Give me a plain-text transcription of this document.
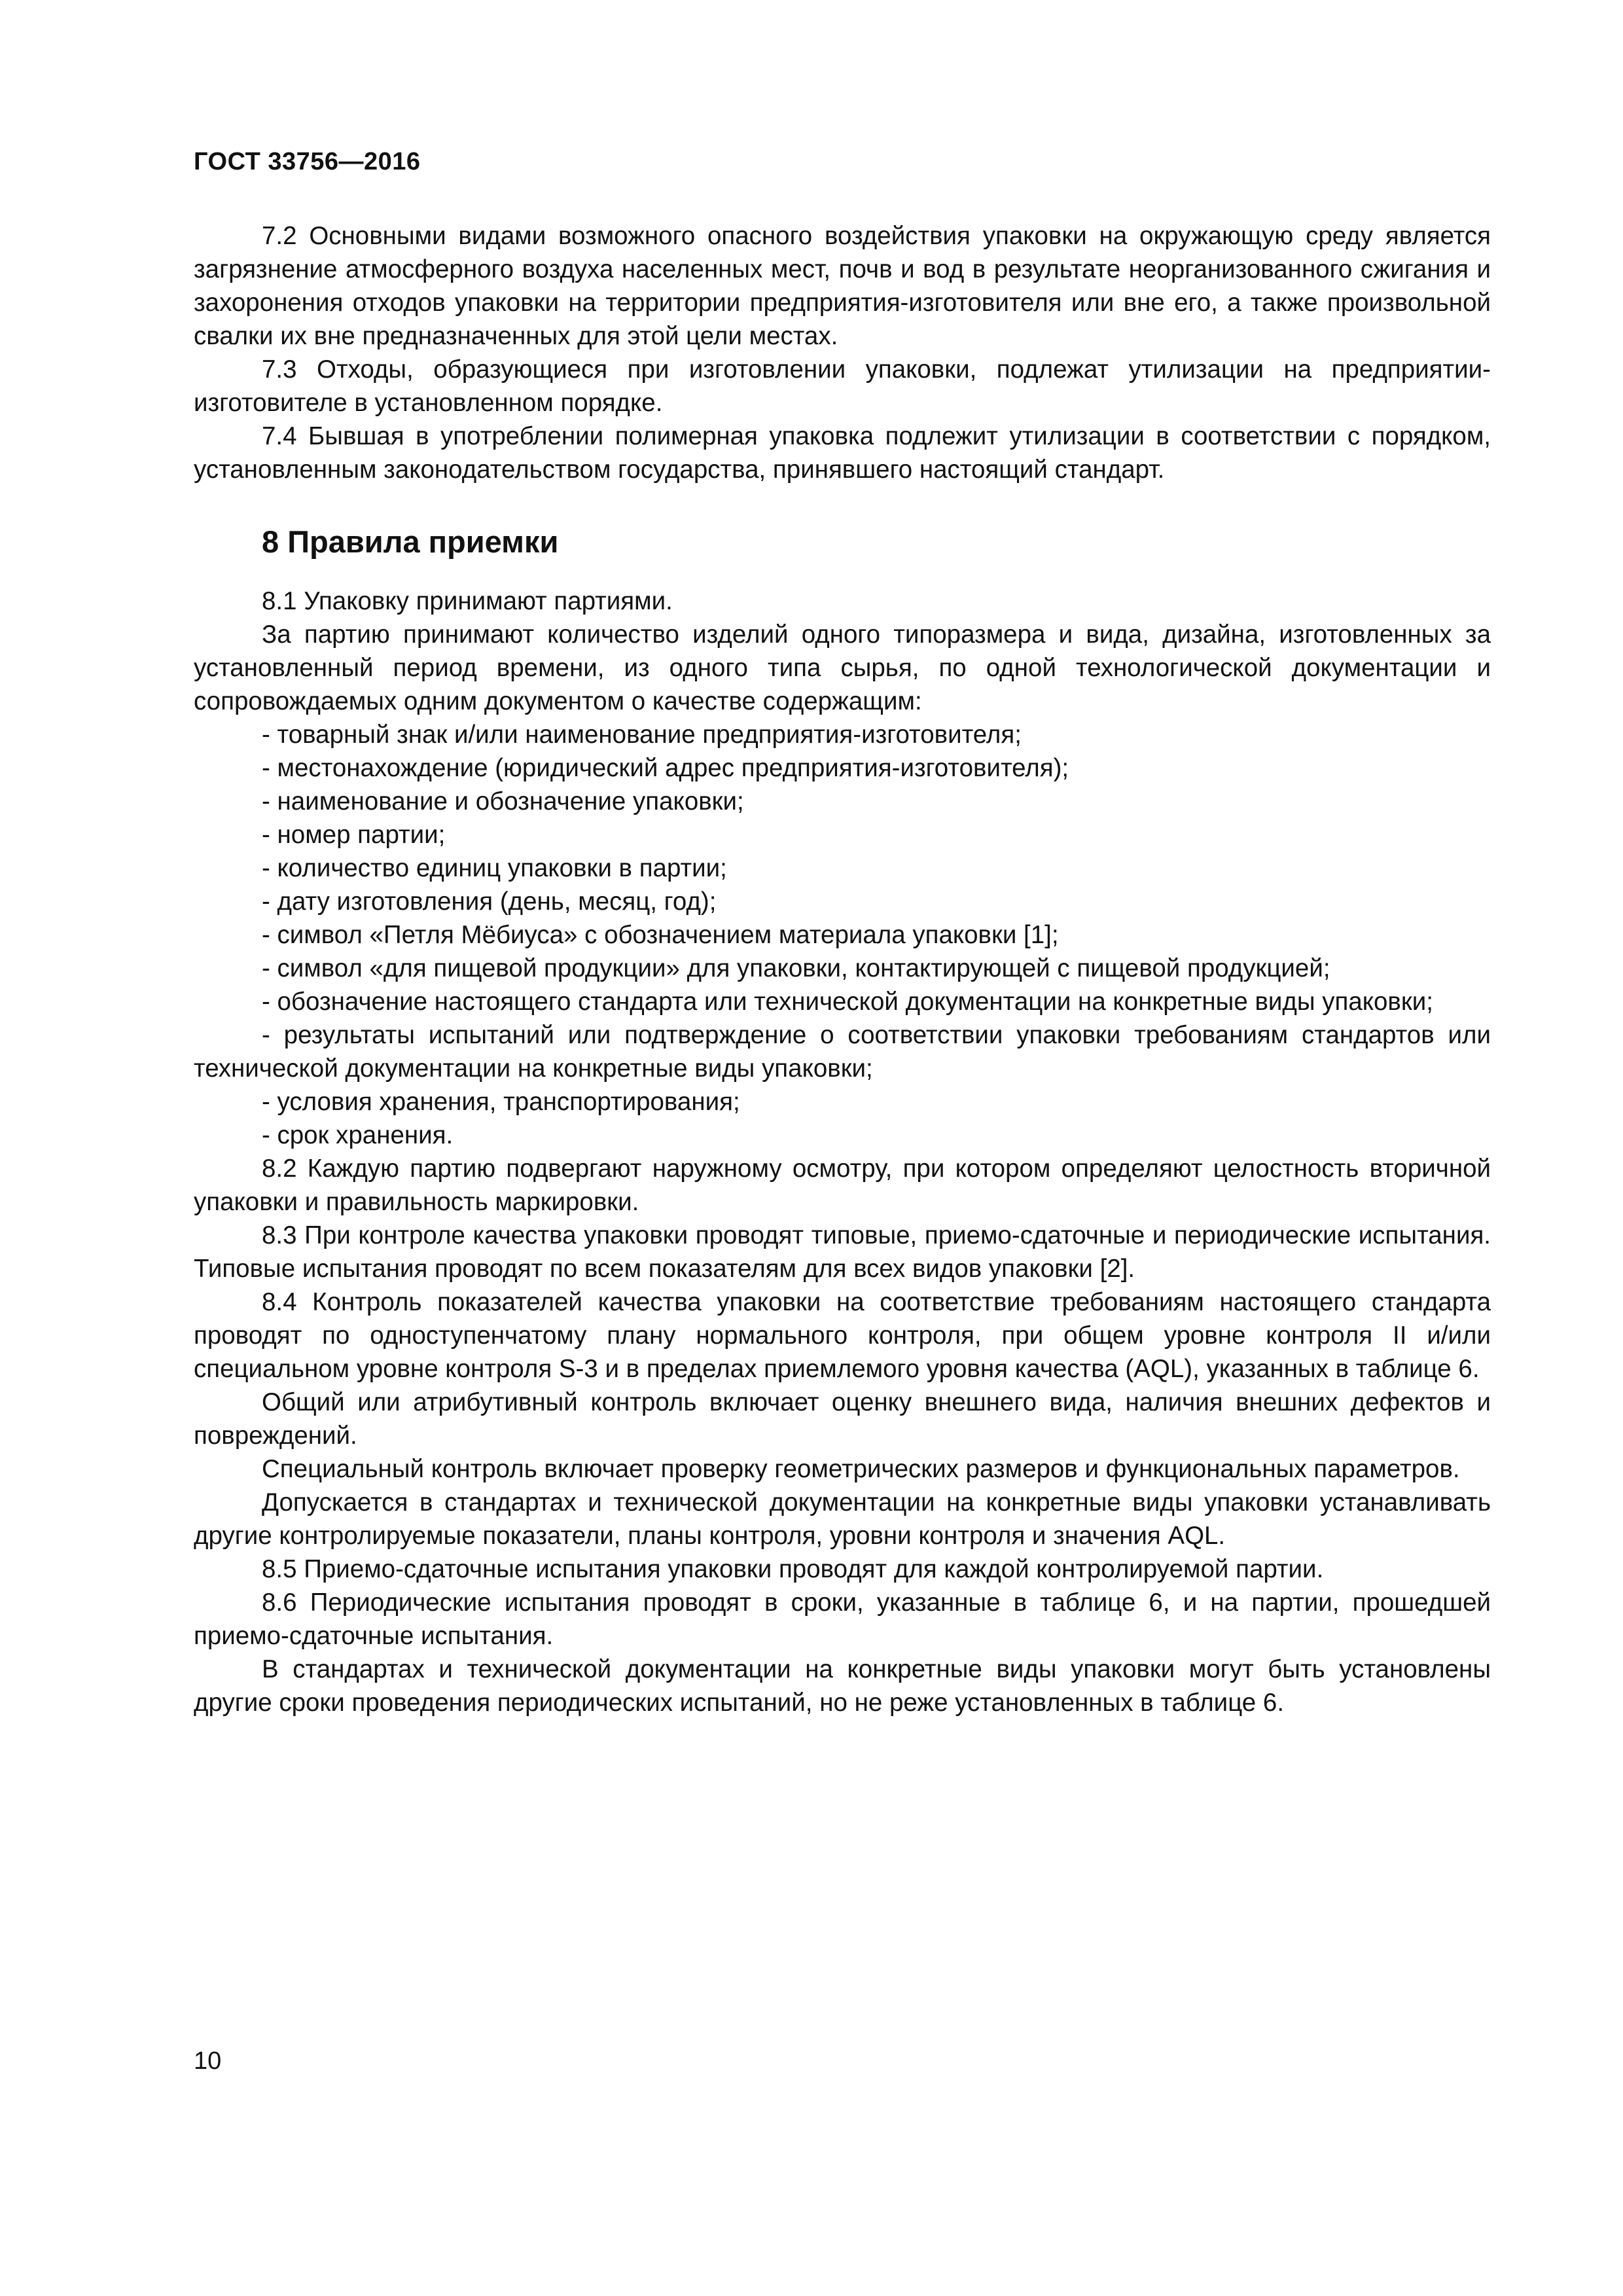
ГОСТ 33756—2016

7.2 Основными видами возможного опасного воздействия упаковки на окружающую среду является загрязнение атмосферного воздуха населенных мест, почв и вод в результате неорганизованного сжигания и захоронения отходов упаковки на территории предприятия-изготовителя или вне его, а также произвольной свалки их вне предназначенных для этой цели местах.

7.3 Отходы, образующиеся при изготовлении упаковки, подлежат утилизации на предприятии-изготовителе в установленном порядке.

7.4 Бывшая в употреблении полимерная упаковка подлежит утилизации в соответствии с порядком, установленным законодательством государства, принявшего настоящий стандарт.

8 Правила приемки

8.1 Упаковку принимают партиями.

За партию принимают количество изделий одного типоразмера и вида, дизайна, изготовленных за установленный период времени, из одного типа сырья, по одной технологической документации и сопровождаемых одним документом о качестве содержащим:

- товарный знак и/или наименование предприятия-изготовителя;

- местонахождение (юридический адрес предприятия-изготовителя);

- наименование и обозначение упаковки;

- номер партии;

- количество единиц упаковки в партии;

- дату изготовления (день, месяц, год);

- символ «Петля Мёбиуса» с обозначением материала упаковки [1];

- символ «для пищевой продукции» для упаковки, контактирующей с пищевой продукцией;

- обозначение настоящего стандарта или технической документации на конкретные виды упаковки;

- результаты испытаний или подтверждение о соответствии упаковки требованиям стандартов или технической документации на конкретные виды упаковки;

- условия хранения, транспортирования;

- срок хранения.

8.2 Каждую партию подвергают наружному осмотру, при котором определяют целостность вторичной упаковки и правильность маркировки.

8.3 При контроле качества упаковки проводят типовые, приемо-сдаточные и периодические испытания. Типовые испытания проводят по всем показателям для всех видов упаковки [2].

8.4 Контроль показателей качества упаковки на соответствие требованиям настоящего стандарта проводят по одноступенчатому плану нормального контроля, при общем уровне контроля II и/или специальном уровне контроля S-3 и в пределах приемлемого уровня качества (AQL), указанных в таблице 6.

Общий или атрибутивный контроль включает оценку внешнего вида, наличия внешних дефектов и повреждений.

Специальный контроль включает проверку геометрических размеров и функциональных параметров.

Допускается в стандартах и технической документации на конкретные виды упаковки устанавливать другие контролируемые показатели, планы контроля, уровни контроля и значения AQL.

8.5 Приемо-сдаточные испытания упаковки проводят для каждой контролируемой партии.

8.6 Периодические испытания проводят в сроки, указанные в таблице 6, и на партии, прошедшей приемо-сдаточные испытания.

В стандартах и технической документации на конкретные виды упаковки могут быть установлены другие сроки проведения периодических испытаний, но не реже установленных в таблице 6.

10
